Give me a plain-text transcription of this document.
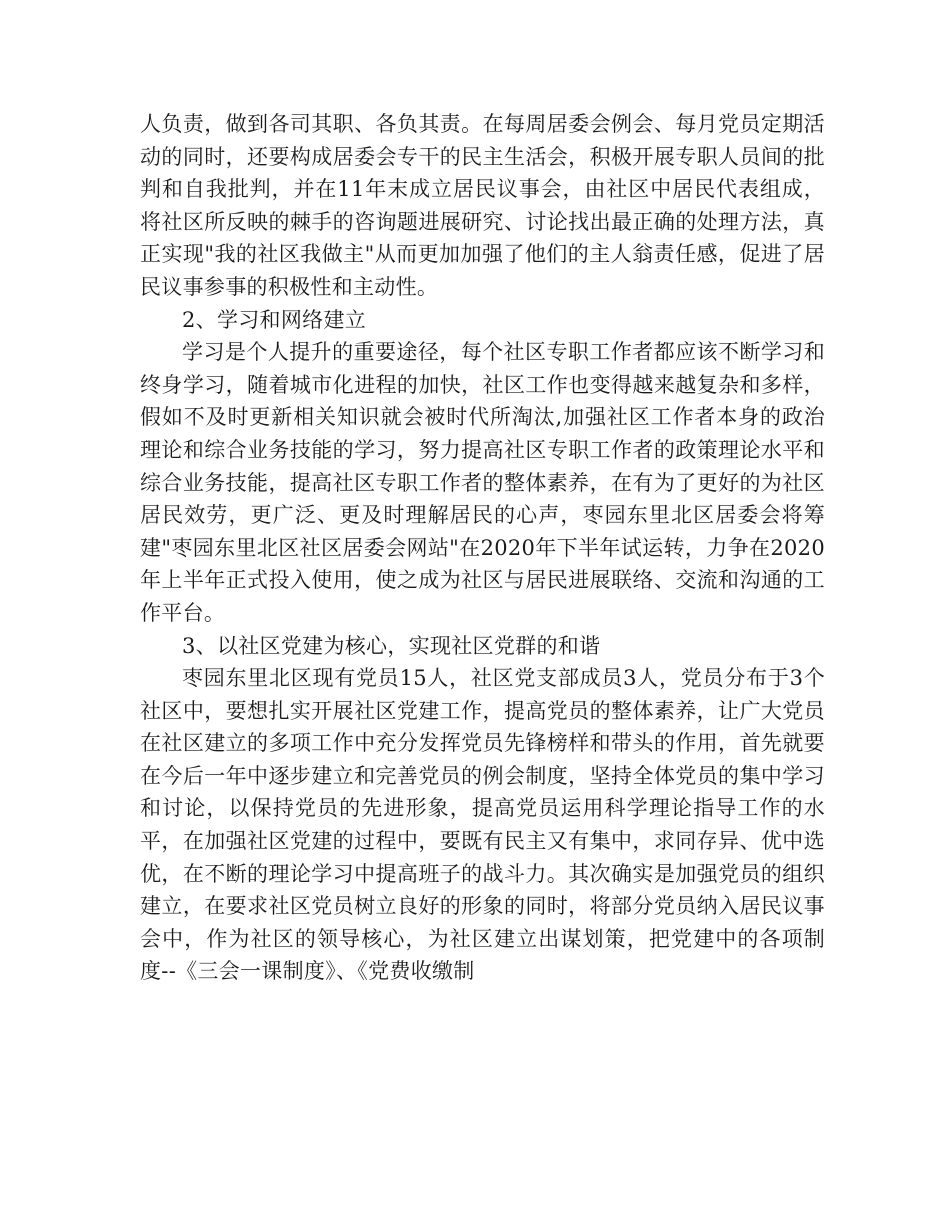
人负责，做到各司其职、各负其责。在每周居委会例会、每月党员定期活动的同时，还要构成居委会专干的民主生活会，积极开展专职人员间的批判和自我批判，并在11年末成立居民议事会，由社区中居民代表组成，将社区所反映的棘手的咨询题进展研究、讨论找出最正确的处理方法，真正实现"我的社区我做主"从而更加加强了他们的主人翁责任感，促进了居民议事参事的积极性和主动性。

2、学习和网络建立

学习是个人提升的重要途径，每个社区专职工作者都应该不断学习和终身学习，随着城市化进程的加快，社区工作也变得越来越复杂和多样，假如不及时更新相关知识就会被时代所淘汰,加强社区工作者本身的政治理论和综合业务技能的学习，努力提高社区专职工作者的政策理论水平和综合业务技能，提高社区专职工作者的整体素养，在有为了更好的为社区居民效劳，更广泛、更及时理解居民的心声，枣园东里北区居委会将筹建"枣园东里北区社区居委会网站"在2020年下半年试运转，力争在2020年上半年正式投入使用，使之成为社区与居民进展联络、交流和沟通的工作平台。

3、以社区党建为核心，实现社区党群的和谐

枣园东里北区现有党员15人，社区党支部成员3人，党员分布于3个社区中，要想扎实开展社区党建工作，提高党员的整体素养，让广大党员在社区建立的多项工作中充分发挥党员先锋榜样和带头的作用，首先就要在今后一年中逐步建立和完善党员的例会制度，坚持全体党员的集中学习和讨论，以保持党员的先进形象，提高党员运用科学理论指导工作的水平，在加强社区党建的过程中，要既有民主又有集中，求同存异、优中选优，在不断的理论学习中提高班子的战斗力。其次确实是加强党员的组织建立，在要求社区党员树立良好的形象的同时，将部分党员纳入居民议事会中，作为社区的领导核心，为社区建立出谋划策，把党建中的各项制度--《三会一课制度》、《党费收缴制
